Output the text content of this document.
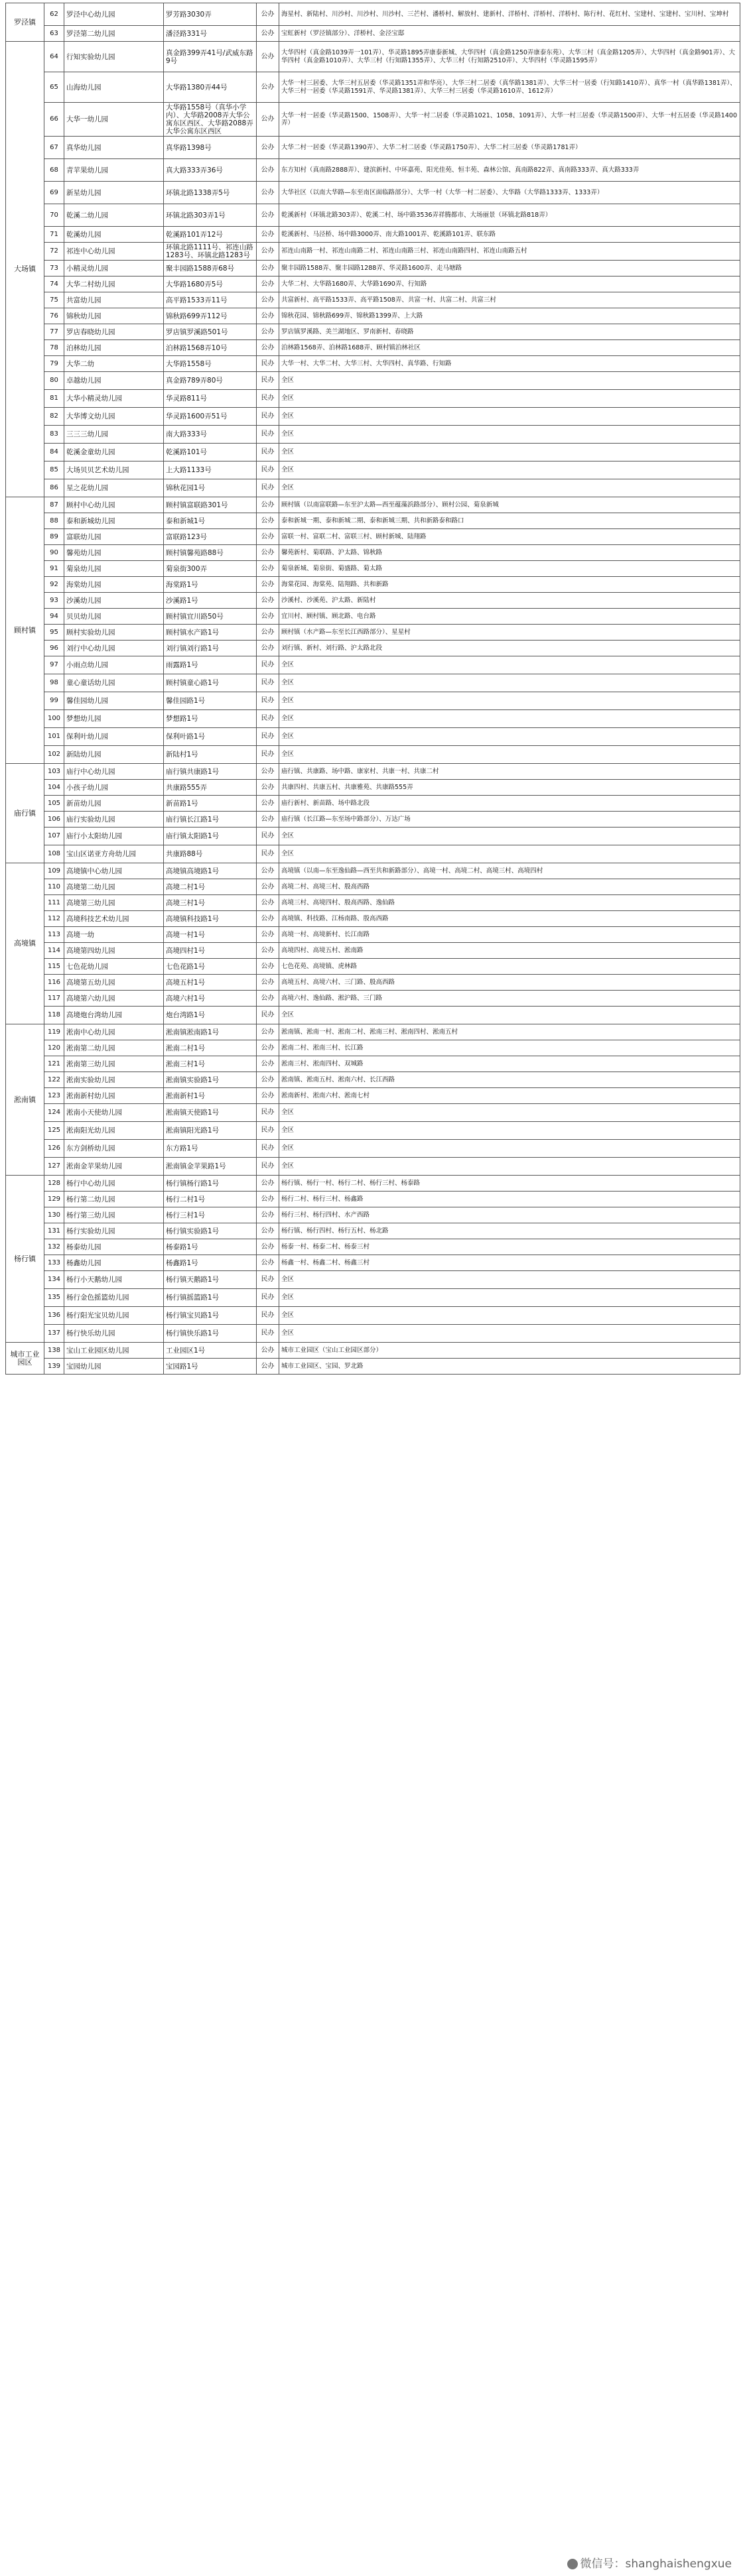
罗泾镇	62	罗泾中心幼儿园	罗芳路3030弄	公办	海星村、新陆村、川沙村、川沙村、川沙村、三芒村、潘桥村、解放村、建新村、洋桥村、洋桥村、洋桥村、陈行村、花红村、宝建村、宝建村、宝川村、宝坤村
	63	罗泾第二幼儿园	潘泾路331号	公办	宝虹新村（罗泾镇部分）、洋桥村、金泾宝邸
大场镇	64	行知实验幼儿园	真金路399弄41号/武威东路9号	公办	大华四村（真金路1039弄一101弄）、华灵路1895弄康泰新城、大华四村（真金路1250弄康泰东苑）、大华三村（真金路1205弄）、大华四村（真金路901弄）、大华四村（真金路1010弄）、大华三村（行知路1355弄）、大华三村（行知路2510弄）、大华四村（华灵路1595弄）
	65	山海幼儿园	大华路1380弄44号	公办	大华一村三居委、大华三村五居委（华灵路1351弄和华亮）、大华三村二居委（真华路1381弄）、大华三村一居委（行知路1410弄）、真华一村（真华路1381弄）、大华三村一居委（华灵路1591弄、华灵路1381弄）、大华三村三居委（华灵路1610弄、1612弄）
	66	大华一幼儿园	大华路1558号（真华小学内）、大华路2008弄大华公寓东区西区、大华路2088弄大华公寓东区西区	公办	大华一村一居委（华灵路1500、1508弄）、大华一村二居委（华灵路1021、1058、1091弄）、大华一村三居委（华灵路1500弄）、大华一村五居委（华灵路1400弄）
	67	真华幼儿园	真华路1398号	公办	大华二村一居委（华灵路1390弄）、大华二村二居委（华灵路1750弄）、大华二村三居委（华灵路1781弄）
	68	青苹果幼儿园	真大路333弄36号	公办	东方知村（真南路2888弄）、建滨新村、中环嘉苑、阳光佳苑、恒丰苑、森林公馆、真南路822弄、真南路333弄、真大路333弄
	69	新星幼儿园	环镇北路1338弄5号	公办	大华社区（以南大华路—东至南区面临路部分）、大华一村（大华一村二居委）、大华路（大华路1333弄、1333弄）
	70	乾溪二幼儿园	环镇北路303弄1号	公办	乾溪新村（环镇北路303弄）、乾溪二村、场中路3536弄祥腾都市、大场丽景（环镇北路818弄）
	71	乾溪幼儿园	乾溪路101弄12号	公办	乾溪新村、马泾桥、场中路3000弄、南大路1001弄、乾溪路101弄、联东路
	72	祁连中心幼儿园	环镇北路1111号、祁连山路1283号、环镇北路1283号	公办	祁连山南路一村、祁连山南路二村、祁连山南路三村、祁连山南路四村、祁连山南路五村
	73	小精灵幼儿园	聚丰园路1588弄68号	公办	聚丰园路1588弄、聚丰园路1288弄、华灵路1600弄、走马塘路
	74	大华二村幼儿园	大华路1680弄5号	公办	大华二村、大华路1680弄、大华路1690弄、行知路
	75	共富幼儿园	高平路1533弄11号	公办	共富新村、高平路1533弄、高平路1508弄、共富一村、共富二村、共富三村
	76	锦秋幼儿园	锦秋路699弄112号	公办	锦秋花园、锦秋路699弄、锦秋路1399弄、上大路
	77	罗店春晓幼儿园	罗店镇罗溪路501号	公办	罗店镇罗溪路、美兰湖地区、罗南新村、春晓路
	78	泊林幼儿园	泊林路1568弄10号	公办	泊林路1568弄、泊林路1688弄、顾村镇泊林社区
	79	大华二幼	大华路1558号	民办	大华一村、大华二村、大华三村、大华四村、真华路、行知路
	80	卓越幼儿园	真金路789弄80号	民办	全区
	81	大华小精灵幼儿园	华灵路811号	民办	全区
	82	大华博文幼儿园	华灵路1600弄51号	民办	全区
	83	三三三幼儿园	南大路333号	民办	全区
	84	乾溪金童幼儿园	乾溪路101号	民办	全区
	85	大场贝贝艺术幼儿园	上大路1133号	民办	全区
	86	星之花幼儿园	锦秋花园1号	民办	全区
顾村镇	87	顾村中心幼儿园	顾村镇富联路301号	公办	顾村镇（以南富联路—东至沪太路—西至蕴藻浜路部分）、顾村公园、菊泉新城
	88	泰和新城幼儿园	泰和新城1号	公办	泰和新城一期、泰和新城二期、泰和新城三期、共和新路泰和路口
	89	富联幼儿园	富联路123号	公办	富联一村、富联二村、富联三村、顾村新城、陆翔路
	90	馨苑幼儿园	顾村镇馨苑路88号	公办	馨苑新村、菊联路、沪太路、锦秋路
	91	菊泉幼儿园	菊泉街300弄	公办	菊泉新城、菊泉街、菊盛路、菊太路
	92	海棠幼儿园	海棠路1号	公办	海棠花园、海棠苑、陆翔路、共和新路
	93	沙溪幼儿园	沙溪路1号	公办	沙溪村、沙溪苑、沪太路、新陆村
	94	贝贝幼儿园	顾村镇宜川路50号	公办	宜川村、顾村镇、顾北路、电台路
	95	顾村实验幼儿园	顾村镇水产路1号	公办	顾村镇（水产路—东至长江西路部分）、星星村
	96	刘行中心幼儿园	刘行镇刘行路1号	公办	刘行镇、新村、刘行路、沪太路北段
	97	小雨点幼儿园	雨露路1号	民办	全区
	98	童心童话幼儿园	顾村镇童心路1号	民办	全区
	99	馨佳园幼儿园	馨佳园路1号	民办	全区
	100	梦想幼儿园	梦想路1号	民办	全区
	101	保利叶幼儿园	保利叶路1号	民办	全区
	102	新陆幼儿园	新陆村1号	民办	全区
庙行镇	103	庙行中心幼儿园	庙行镇共康路1号	公办	庙行镇、共康路、场中路、康家村、共康一村、共康二村
	104	小孩子幼儿园	共康路555弄	公办	共康四村、共康五村、共康雅苑、共康路555弄
	105	新苗幼儿园	新苗路1号	公办	庙行新村、新苗路、场中路北段
	106	庙行实验幼儿园	庙行镇长江路1号	公办	庙行镇（长江路—东至场中路部分）、万达广场
	107	庙行小太阳幼儿园	庙行镇太阳路1号	民办	全区
	108	宝山区诺亚方舟幼儿园	共康路88号	民办	全区
高境镇	109	高境镇中心幼儿园	高境镇高境路1号	公办	高境镇（以南—东至逸仙路—西至共和新路部分）、高境一村、高境二村、高境三村、高境四村
	110	高境第二幼儿园	高境二村1号	公办	高境二村、高境三村、殷高西路
	111	高境第三幼儿园	高境三村1号	公办	高境三村、高境四村、殷高西路、逸仙路
	112	高境科技艺术幼儿园	高境镇科技路1号	公办	高境镇、科技路、江杨南路、殷高西路
	113	高境一幼	高境一村1号	公办	高境一村、高境新村、长江南路
	114	高境第四幼儿园	高境四村1号	公办	高境四村、高境五村、淞南路
	115	七色花幼儿园	七色花路1号	公办	七色花苑、高境镇、虎林路
	116	高境第五幼儿园	高境五村1号	公办	高境五村、高境六村、三门路、殷高西路
	117	高境第六幼儿园	高境六村1号	公办	高境六村、逸仙路、淞沪路、三门路
	118	高境炮台湾幼儿园	炮台湾路1号	民办	全区
淞南镇	119	淞南中心幼儿园	淞南镇淞南路1号	公办	淞南镇、淞南一村、淞南二村、淞南三村、淞南四村、淞南五村
	120	淞南第二幼儿园	淞南二村1号	公办	淞南二村、淞南三村、长江路
	121	淞南第三幼儿园	淞南三村1号	公办	淞南三村、淞南四村、双城路
	122	淞南实验幼儿园	淞南镇实验路1号	公办	淞南镇、淞南五村、淞南六村、长江西路
	123	淞南新村幼儿园	淞南新村1号	公办	淞南新村、淞南六村、淞南七村
	124	淞南小天使幼儿园	淞南镇天使路1号	民办	全区
	125	淞南阳光幼儿园	淞南镇阳光路1号	民办	全区
	126	东方剑桥幼儿园	东方路1号	民办	全区
	127	淞南金苹果幼儿园	淞南镇金苹果路1号	民办	全区
杨行镇	128	杨行中心幼儿园	杨行镇杨行路1号	公办	杨行镇、杨行一村、杨行二村、杨行三村、杨泰路
	129	杨行第二幼儿园	杨行二村1号	公办	杨行二村、杨行三村、杨鑫路
	130	杨行第三幼儿园	杨行三村1号	公办	杨行三村、杨行四村、水产西路
	131	杨行实验幼儿园	杨行镇实验路1号	公办	杨行镇、杨行四村、杨行五村、杨北路
	132	杨泰幼儿园	杨泰路1号	公办	杨泰一村、杨泰二村、杨泰三村
	133	杨鑫幼儿园	杨鑫路1号	公办	杨鑫一村、杨鑫二村、杨鑫三村
	134	杨行小天鹅幼儿园	杨行镇天鹅路1号	民办	全区
	135	杨行金色摇篮幼儿园	杨行镇摇篮路1号	民办	全区
	136	杨行阳光宝贝幼儿园	杨行镇宝贝路1号	民办	全区
	137	杨行快乐幼儿园	杨行镇快乐路1号	民办	全区
城市工业园区	138	宝山工业园区幼儿园	工业园区1号	公办	城市工业园区（宝山工业园区部分）
	139	宝园幼儿园	宝园路1号	公办	城市工业园区、宝园、罗北路
微信号：shanghaishengxue
